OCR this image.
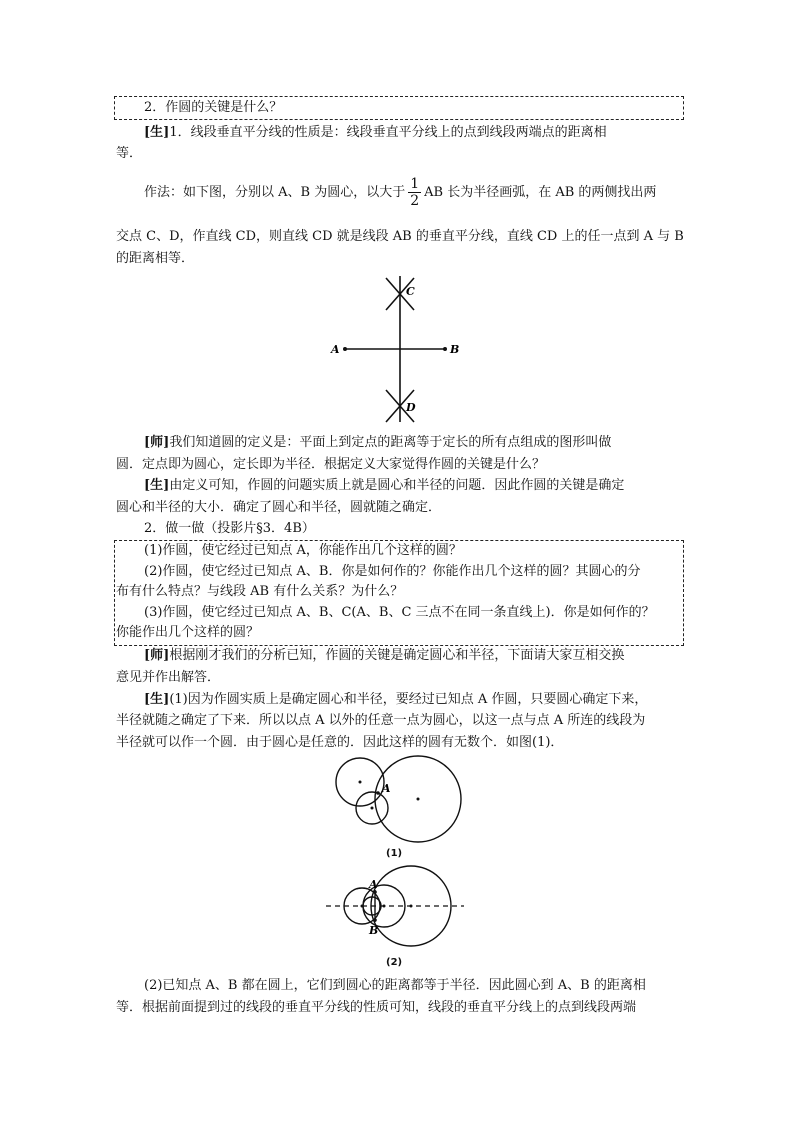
2．作圆的关键是什么？
[生]1．线段垂直平分线的性质是：线段垂直平分线上的点到线段两端点的距离相
等．
作法：如下图，分别以 A、B 为圆心，以大于 $\frac{1}{2}$ AB 长为半径画弧，在 AB 的两侧找出两
交点 C、D，作直线 CD，则直线 CD 就是线段 AB 的垂直平分线，直线 CD 上的任一点到 A 与 B
的距离相等．
A	B
C
D
[师]我们知道圆的定义是：平面上到定点的距离等于定长的所有点组成的图形叫做
圆．定点即为圆心，定长即为半径．根据定义大家觉得作圆的关键是什么？
[生]由定义可知，作圆的问题实质上就是圆心和半径的问题．因此作圆的关键是确定
圆心和半径的大小．确定了圆心和半径，圆就随之确定．
2．做一做（投影片§3．4B）
(1)作圆，使它经过已知点 A，你能作出几个这样的圆？
(2)作圆，使它经过已知点 A、B．你是如何作的？你能作出几个这样的圆？其圆心的分
布有什么特点？与线段 AB 有什么关系？为什么？
(3)作圆，使它经过已知点 A、B、C(A、B、C 三点不在同一条直线上)．你是如何作的？
你能作出几个这样的圆？
[师]根据刚才我们的分析已知，作圆的关键是确定圆心和半径，下面请大家互相交换
意见并作出解答．
[生](1)因为作圆实质上是确定圆心和半径，要经过已知点 A 作圆，只要圆心确定下来，
半径就随之确定了下来．所以以点 A 以外的任意一点为圆心，以这一点与点 A 所连的线段为
半径就可以作一个圆．由于圆心是任意的．因此这样的圆有无数个．如图(1)．
A
(1)
A
B
(2)
(2)已知点 A、B 都在圆上，它们到圆心的距离都等于半径．因此圆心到 A、B 的距离相
等．根据前面提到过的线段的垂直平分线的性质可知，线段的垂直平分线上的点到线段两端
